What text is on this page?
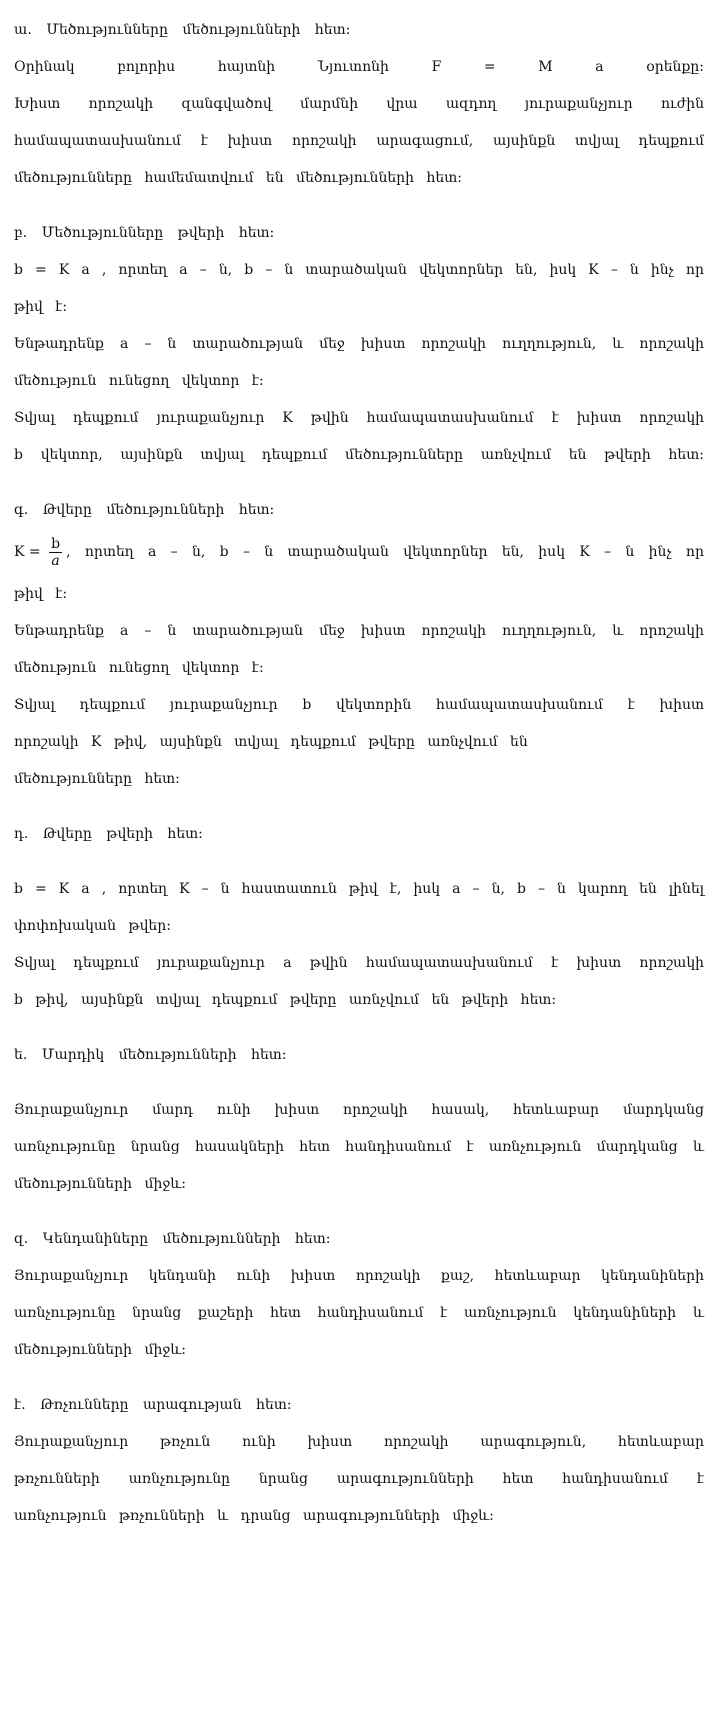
ա․ Մեծությունները մեծությունների հետ։
Օրինակ բոլորիս հայտնի Նյուտոնի F = M a օրենքը։
Խիստ որոշակի զանգվածով մարմնի վրա ազդող յուրաքանչյուր ուժին
համապատասխանում է խիստ որոշակի արագացում, այսինքն տվյալ դեպքում
մեծությունները համեմատվում են մեծությունների հետ։
բ․ Մեծությունները թվերի հետ։
b = K a , որտեղ a – ն, b – ն տարածական վեկտորներ են, իսկ K – ն ինչ որ
թիվ է։
Ենթադրենք a – ն տարածության մեջ խիստ որոշակի ուղղություն, և որոշակի
մեծություն ունեցող վեկտոր է։
Տվյալ դեպքում յուրաքանչյուր K թվին համապատասխանում է խիստ որոշակի
b վեկտոր, այսինքն տվյալ դեպքում մեծությունները առնչվում են թվերի հետ։
գ․ Թվերը մեծությունների հետ։
$K = \frac{b}{a}$ , որտեղ a – ն, b – ն տարածական վեկտորներ են, իսկ K – ն ինչ որ
թիվ է։
Ենթադրենք a – ն տարածության մեջ խիստ որոշակի ուղղություն, և որոշակի
մեծություն ունեցող վեկտոր է։
Տվյալ դեպքում յուրաքանչյուր b վեկտորին համապատասխանում է խիստ
որոշակի K թիվ, այսինքն տվյալ դեպքում թվերը առնչվում են
մեծությունները հետ։
դ․ Թվերը թվերի հետ։
b = K a , որտեղ K – ն հաստատուն թիվ է, իսկ a – ն, b – ն կարող են լինել
փոփոխական թվեր։
Տվյալ դեպքում յուրաքանչյուր a թվին համապատասխանում է խիստ որոշակի
b թիվ, այսինքն տվյալ դեպքում թվերը առնչվում են թվերի հետ։
ե․ Մարդիկ մեծությունների հետ։
Յուրաքանչյուր մարդ ունի խիստ որոշակի հասակ, հետևաբար մարդկանց
առնչությունը նրանց հասակների հետ հանդիսանում է առնչություն մարդկանց և
մեծությունների միջև։
զ․ Կենդանիները մեծությունների հետ։
Յուրաքանչյուր կենդանի ունի խիստ որոշակի քաշ, հետևաբար կենդանիների
առնչությունը նրանց քաշերի հետ հանդիսանում է առնչություն կենդանիների և
մեծությունների միջև։
է․ Թռչունները արագության հետ։
Յուրաքանչյուր թռչուն ունի խիստ որոշակի արագություն, հետևաբար
թռչունների առնչությունը նրանց արագությունների հետ հանդիսանում է
առնչություն թռչունների և դրանց արագությունների միջև։
